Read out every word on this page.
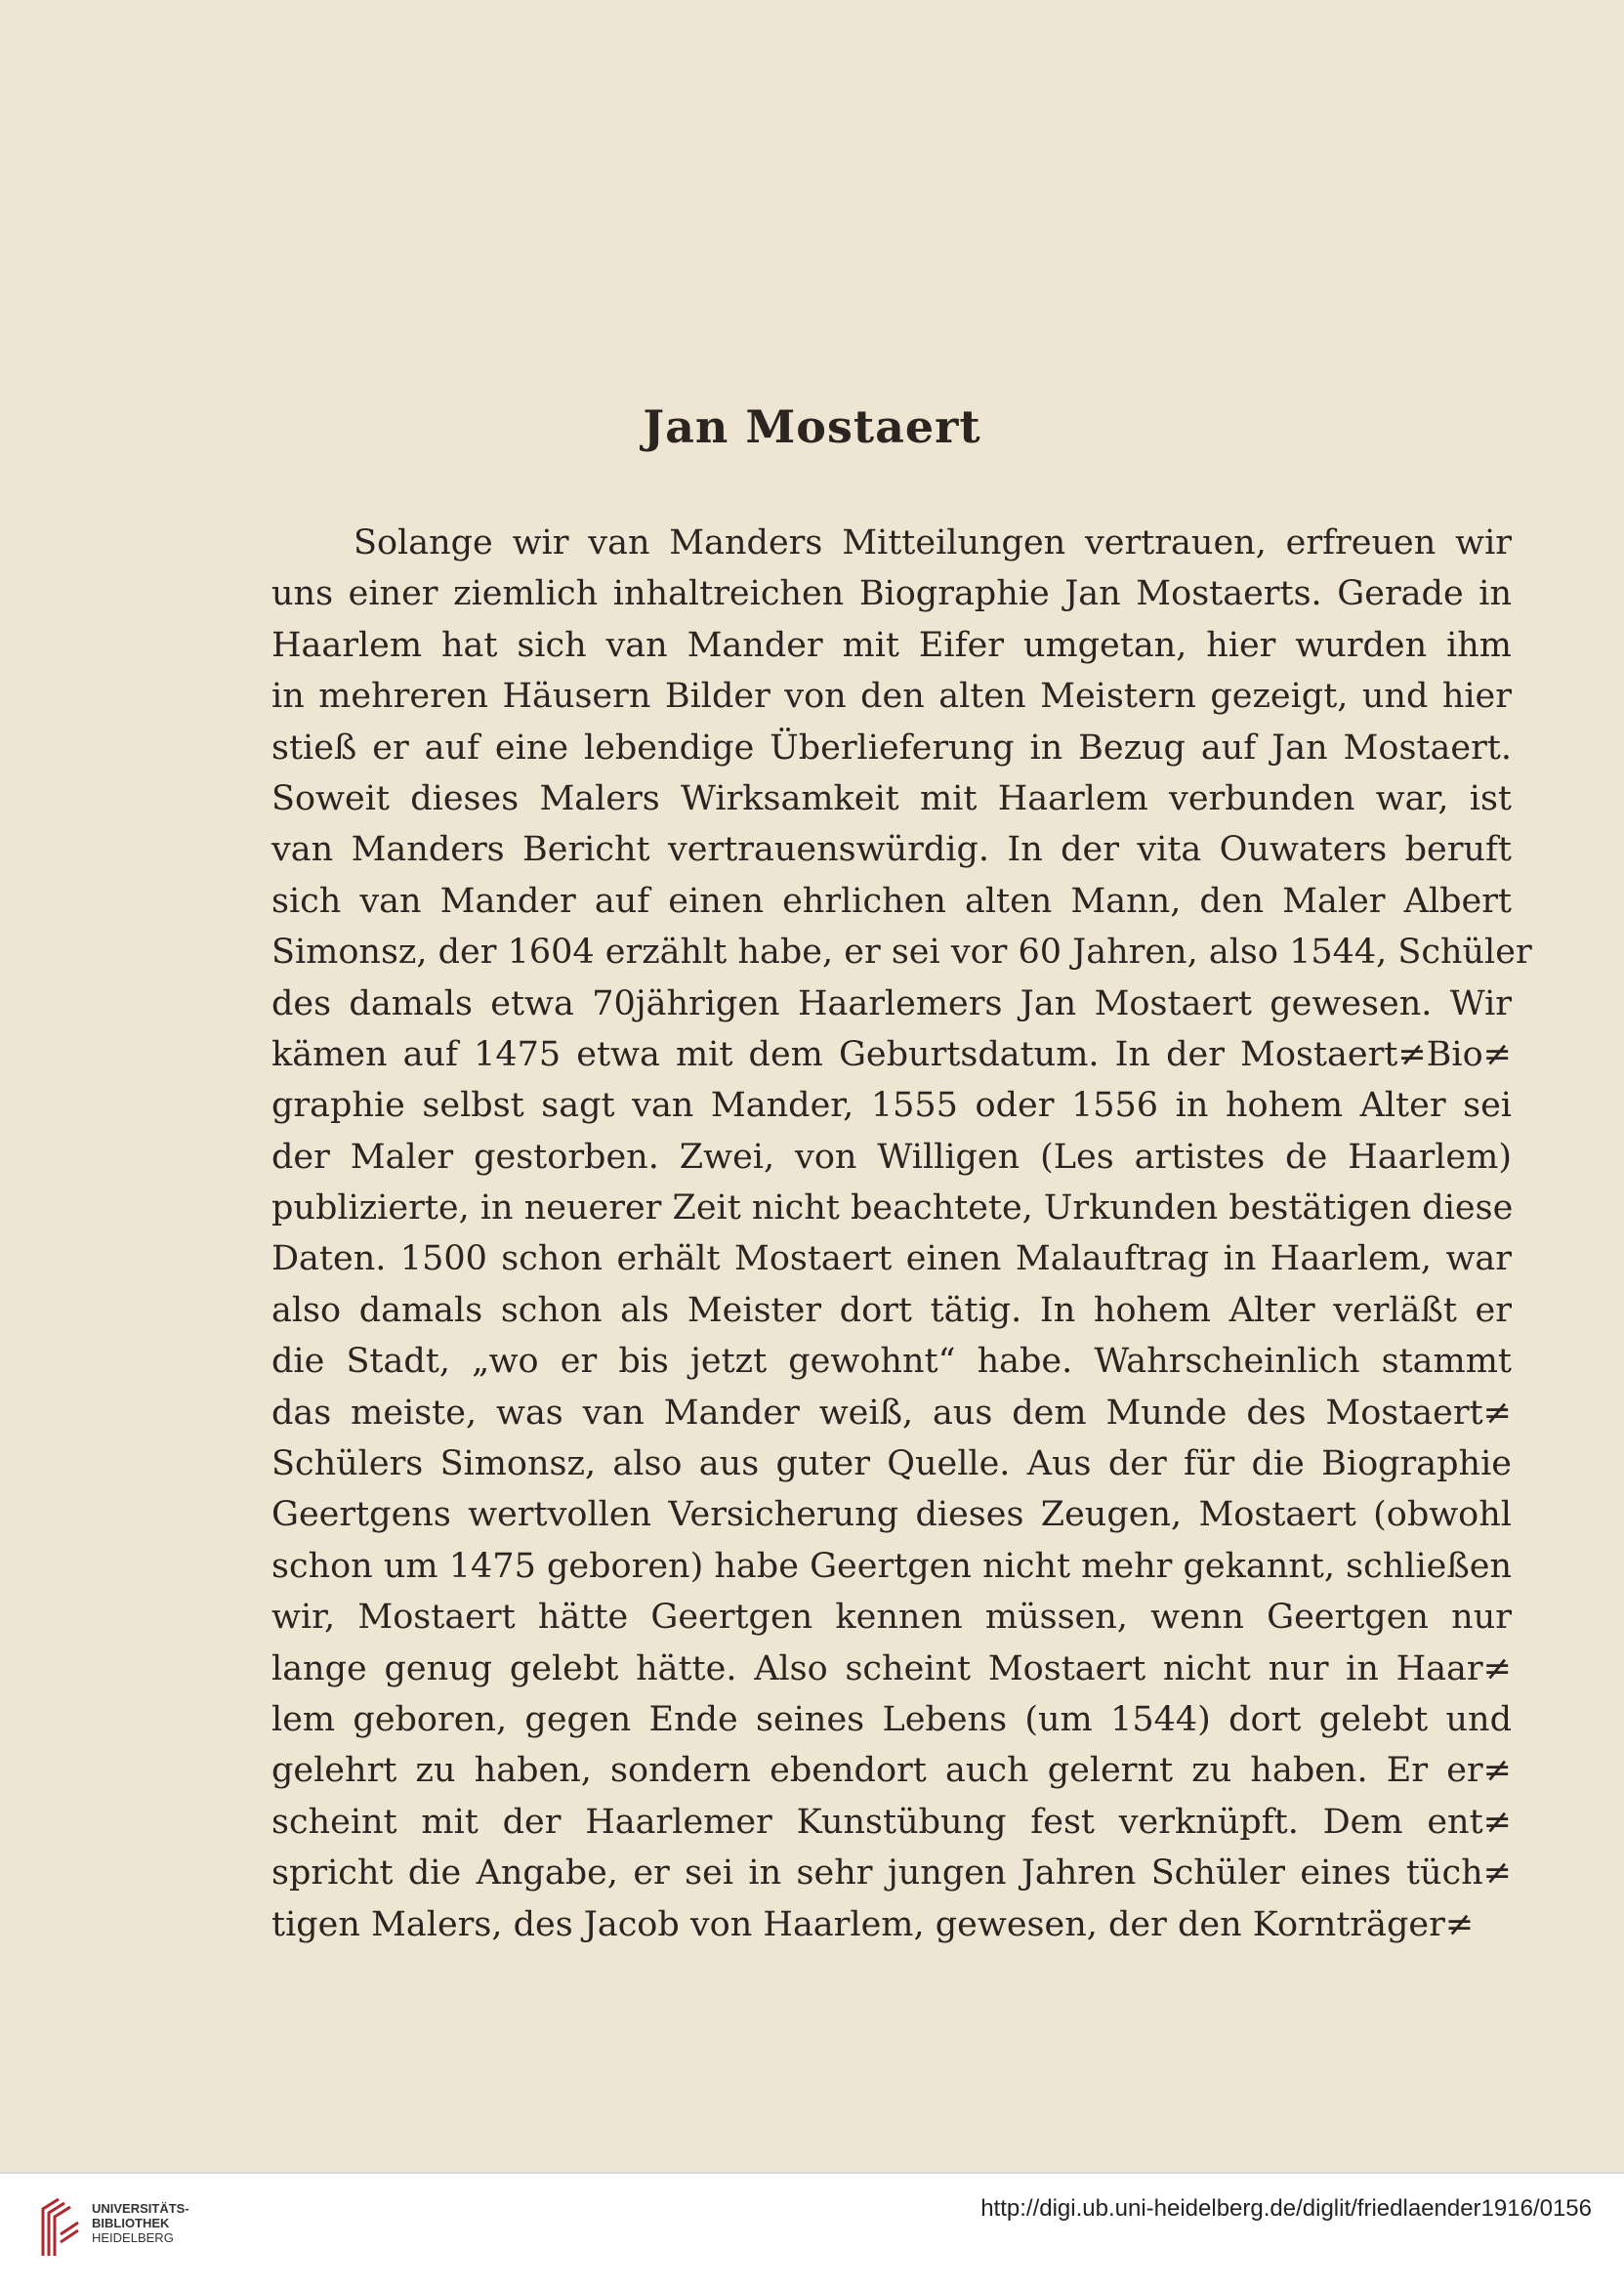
Jan Mostaert
Solange wir van Manders Mitteilungen vertrauen, erfreuen wir
uns einer ziemlich inhaltreichen Biographie Jan Mostaerts. Gerade in
Haarlem hat sich van Mander mit Eifer umgetan, hier wurden ihm
in mehreren Häusern Bilder von den alten Meistern gezeigt, und hier
stieß er auf eine lebendige Überlieferung in Bezug auf Jan Mostaert.
Soweit dieses Malers Wirksamkeit mit Haarlem verbunden war, ist
van Manders Bericht vertrauenswürdig. In der vita Ouwaters beruft
sich van Mander auf einen ehrlichen alten Mann, den Maler Albert
Simonsz, der 1604 erzählt habe, er sei vor 60 Jahren, also 1544, Schüler
des damals etwa 70jährigen Haarlemers Jan Mostaert gewesen. Wir
kämen auf 1475 etwa mit dem Geburtsdatum. In der Mostaert≠Bio≠
graphie selbst sagt van Mander, 1555 oder 1556 in hohem Alter sei
der Maler gestorben. Zwei, von Willigen (Les artistes de Haarlem)
publizierte, in neuerer Zeit nicht beachtete, Urkunden bestätigen diese
Daten. 1500 schon erhält Mostaert einen Malauftrag in Haarlem, war
also damals schon als Meister dort tätig. In hohem Alter verläßt er
die Stadt, „wo er bis jetzt gewohnt“ habe. Wahrscheinlich stammt
das meiste, was van Mander weiß, aus dem Munde des Mostaert≠
Schülers Simonsz, also aus guter Quelle. Aus der für die Biographie
Geertgens wertvollen Versicherung dieses Zeugen, Mostaert (obwohl
schon um 1475 geboren) habe Geertgen nicht mehr gekannt, schließen
wir, Mostaert hätte Geertgen kennen müssen, wenn Geertgen nur
lange genug gelebt hätte. Also scheint Mostaert nicht nur in Haar≠
lem geboren, gegen Ende seines Lebens (um 1544) dort gelebt und
gelehrt zu haben, sondern ebendort auch gelernt zu haben. Er er≠
scheint mit der Haarlemer Kunstübung fest verknüpft. Dem ent≠
spricht die Angabe, er sei in sehr jungen Jahren Schüler eines tüch≠
tigen Malers, des Jacob von Haarlem, gewesen, der den Kornträger≠
UNIVERSITÄTS-
BIBLIOTHEK
HEIDELBERG
http://digi.ub.uni-heidelberg.de/diglit/friedlaender1916/0156
